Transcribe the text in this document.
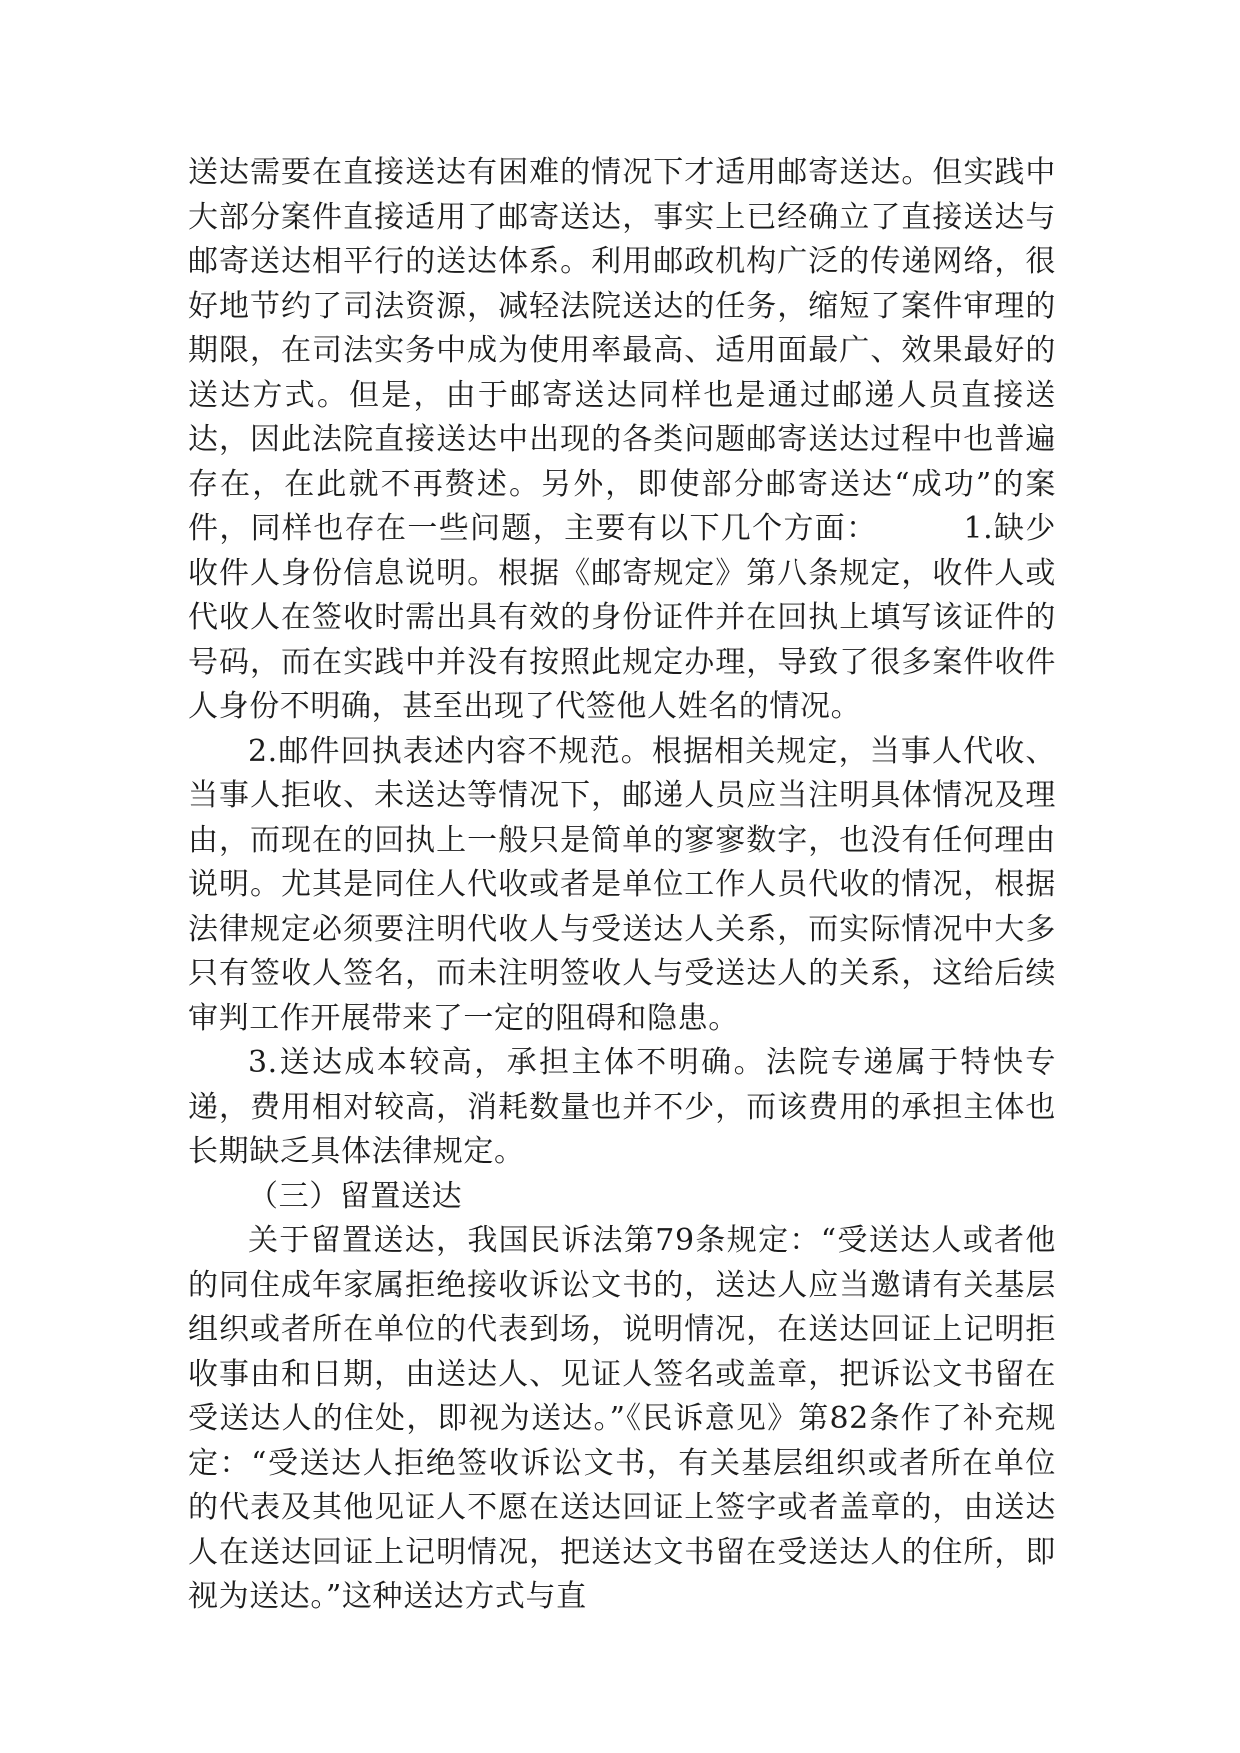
送达需要在直接送达有困难的情况下才适用邮寄送达。但实践中大部分案件直接适用了邮寄送达，事实上已经确立了直接送达与邮寄送达相平行的送达体系。利用邮政机构广泛的传递网络，很好地节约了司法资源，减轻法院送达的任务，缩短了案件审理的期限，在司法实务中成为使用率最高、适用面最广、效果最好的送达方式。但是，由于邮寄送达同样也是通过邮递人员直接送达，因此法院直接送达中出现的各类问题邮寄送达过程中也普遍存在，在此就不再赘述。另外，即使部分邮寄送达“成功”的案件，同样也存在一些问题，主要有以下几个方面：	1.缺少收件人身份信息说明。根据《邮寄规定》第八条规定，收件人或代收人在签收时需出具有效的身份证件并在回执上填写该证件的号码，而在实践中并没有按照此规定办理，导致了很多案件收件人身份不明确，甚至出现了代签他人姓名的情况。

2.邮件回执表述内容不规范。根据相关规定，当事人代收、当事人拒收、未送达等情况下，邮递人员应当注明具体情况及理由，而现在的回执上一般只是简单的寥寥数字，也没有任何理由说明。尤其是同住人代收或者是单位工作人员代收的情况，根据法律规定必须要注明代收人与受送达人关系，而实际情况中大多只有签收人签名，而未注明签收人与受送达人的关系，这给后续审判工作开展带来了一定的阻碍和隐患。

3.送达成本较高，承担主体不明确。法院专递属于特快专递，费用相对较高，消耗数量也并不少，而该费用的承担主体也长期缺乏具体法律规定。

（三）留置送达

关于留置送达，我国民诉法第79条规定：“受送达人或者他的同住成年家属拒绝接收诉讼文书的，送达人应当邀请有关基层组织或者所在单位的代表到场，说明情况，在送达回证上记明拒收事由和日期，由送达人、见证人签名或盖章，把诉讼文书留在受送达人的住处，即视为送达。”《民诉意见》第82条作了补充规定：“受送达人拒绝签收诉讼文书，有关基层组织或者所在单位的代表及其他见证人不愿在送达回证上签字或者盖章的，由送达人在送达回证上记明情况，把送达文书留在受送达人的住所，即视为送达。”这种送达方式与直
